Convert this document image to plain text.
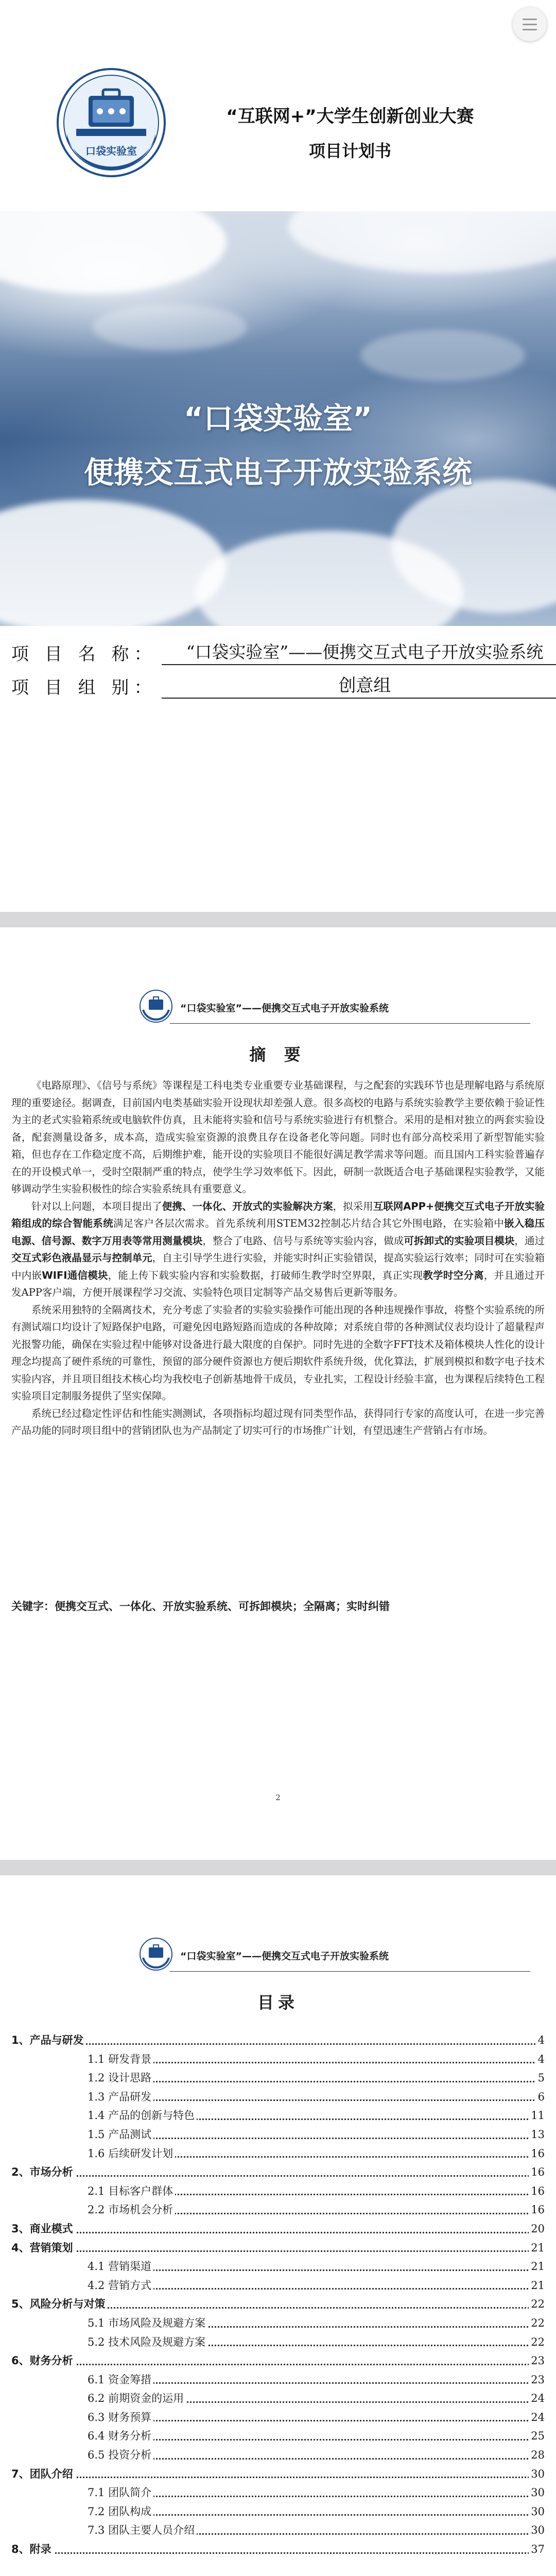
口袋实验室
“互联网+”大学生创新创业大赛
项目计划书
“口袋实验室”
便携交互式电子开放实验系统
项 目 名 称：	“口袋实验室”——便携交互式电子开放实验系统
项 目 组 别：	创意组
“口袋实验室”——便携交互式电子开放实验系统
摘 要

《电路原理》、《信号与系统》等课程是工科电类专业重要专业基础课程，与之配套的实践环节也是理解电路与系统原理的重要途径。据调查，目前国内电类基础实验开设现状却差强人意。很多高校的电路与系统实验教学主要依赖于验证性为主的老式实验箱系统或电脑软件仿真，且未能将实验和信号与系统实验进行有机整合。采用的是相对独立的两套实验设备，配套测量设备多，成本高，造成实验室资源的浪费且存在设备老化等问题。同时也有部分高校采用了新型智能实验箱，但也存在工作稳定度不高，后期维护难，能开设的实验项目不能很好满足教学需求等问题。而且国内工科实验普遍存在的开设模式单一，受时空限制严重的特点，使学生学习效率低下。因此，研制一款既适合电子基础课程实验教学，又能够调动学生实验积极性的综合实验系统具有重要意义。

针对以上问题，本项目提出了便携、一体化、开放式的实验解决方案，拟采用互联网APP+便携交互式电子开放实验箱组成的综合智能系统满足客户各层次需求。首先系统利用STEM32控制芯片结合其它外围电路，在实验箱中嵌入稳压电源、信号源、数字万用表等常用测量模块，整合了电路、信号与系统等实验内容，做成可拆卸式的实验项目模块，通过交互式彩色液晶显示与控制单元，自主引导学生进行实验，并能实时纠正实验错误，提高实验运行效率；同时可在实验箱中内嵌WIFI通信模块，能上传下载实验内容和实验数据，打破师生教学时空界限，真正实现教学时空分离，并且通过开发APP客户端，方便开展课程学习交流、实验特色项目定制等产品交易售后更新等服务。

系统采用独特的全隔离技术，充分考虑了实验者的实验实验操作可能出现的各种违规操作事故，将整个实验系统的所有测试端口均设计了短路保护电路，可避免因电路短路而造成的各种故障；对系统自带的各种测试仪表均设计了超量程声光报警功能，确保在实验过程中能够对设备进行最大限度的自保护。同时先进的全数字FFT技术及箱体模块人性化的设计理念均提高了硬件系统的可靠性，预留的部分硬件资源也方便后期软件系统升级，优化算法，扩展到模拟和数字电子技术实验内容，并且项目组技术核心均为我校电子创新基地骨干成员，专业扎实，工程设计经验丰富，也为课程后续特色工程实验项目定制服务提供了坚实保障。

系统已经过稳定性评估和性能实测测试，各项指标均超过现有同类型作品，获得同行专家的高度认可，在进一步完善产品功能的同时项目组中的营销团队也为产品制定了切实可行的市场推广计划，有望迅速生产营销占有市场。

关键字：便携交互式、一体化、开放实验系统、可拆卸模块；全隔离；实时纠错
2
“口袋实验室”——便携交互式电子开放实验系统
目录
1、产品与研发	4
1.1 研发背景	4
1.2 设计思路	5
1.3 产品研发	6
1.4 产品的创新与特色	11
1.5 产品测试	13
1.6 后续研发计划	16
2、市场分析	16
2.1 目标客户群体	16
2.2 市场机会分析	16
3、商业模式	20
4、营销策划	21
4.1 营销渠道	21
4.2 营销方式	21
5、风险分析与对策	22
5.1 市场风险及规避方案	22
5.2 技术风险及规避方案	22
6、财务分析	23
6.1 资金筹措	23
6.2 前期资金的运用	24
6.3 财务预算	24
6.4 财务分析	25
6.5 投资分析	28
7、团队介绍	30
7.1 团队简介	30
7.2 团队构成	30
7.3 团队主要人员介绍	30
8、附录	37
